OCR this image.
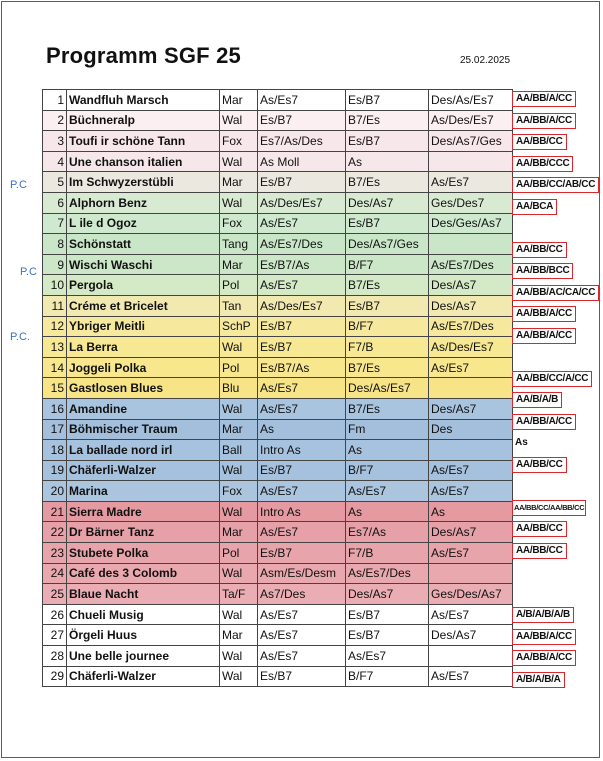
Programm SGF 25	25.02.2025
P.C
P.C
P.C.
1	Wandfluh Marsch	Mar	As/Es7	Es/B7	Des/As/Es7
2	Büchneralp	Wal	Es/B7	B7/Es	As/Des/Es7
3	Toufi ir schöne Tann	Fox	Es7/As/Des	Es/B7	Des/As7/Ges
4	Une chanson italien	Wal	As Moll	As	
5	Im Schwyzerstübli	Mar	Es/B7	B7/Es	As/Es7
6	Alphorn Benz	Wal	As/Des/Es7	Des/As7	Ges/Des7
7	L ile d Ogoz	Fox	As/Es7	Es/B7	Des/Ges/As7
8	Schönstatt	Tang	As/Es7/Des	Des/As7/Ges	
9	Wischi Waschi	Mar	Es/B7/As	B/F7	As/Es7/Des
10	Pergola	Pol	As/Es7	B7/Es	Des/As7
11	Créme et Bricelet	Tan	As/Des/Es7	Es/B7	Des/As7
12	Ybriger Meitli	SchP	Es/B7	B/F7	As/Es7/Des
13	La Berra	Wal	Es/B7	F7/B	As/Des/Es7
14	Joggeli Polka	Pol	Es/B7/As	B7/Es	As/Es7
15	Gastlosen Blues	Blu	As/Es7	Des/As/Es7	
16	Amandine	Wal	As/Es7	B7/Es	Des/As7
17	Böhmischer Traum	Mar	As	Fm	Des
18	La ballade nord irl	Ball	Intro As	As	
19	Chäferli-Walzer	Wal	Es/B7	B/F7	As/Es7
20	Marina	Fox	As/Es7	As/Es7	As/Es7
21	Sierra Madre	Wal	Intro As	As	As
22	Dr Bärner Tanz	Mar	As/Es7	Es7/As	Des/As7
23	Stubete Polka	Pol	Es/B7	F7/B	As/Es7
24	Café des 3 Colomb	Wal	Asm/Es/Desm	As/Es7/Des	
25	Blaue Nacht	Ta/F	As7/Des	Des/As7	Ges/Des/As7
26	Chueli Musig	Wal	As/Es7	Es/B7	As/Es7
27	Örgeli Huus	Mar	As/Es7	Es/B7	Des/As7
28	Une belle journee	Wal	As/Es7	As/Es7	
29	Chäferli-Walzer	Wal	Es/B7	B/F7	As/Es7
AA/BB/A/CC
AA/BB/A/CC
AA/BB/CC
AA/BB/CCC
AA/BB/CC/AB/CC
AA/BCA
AA/BB/CC
AA/BB/BCC
AA/BB/AC/CA/CC
AA/BB/A/CC
AA/BB/A/CC
AA/BB/CC/A/CC
AA/B/A/B
AA/BB/A/CC
As
AA/BB/CC
AA/BB/CC/AA/BB/CC
AA/BB/CC
AA/BB/CC
A/B/A/B/A/B
AA/BB/A/CC
AA/BB/A/CC
A/B/A/B/A
